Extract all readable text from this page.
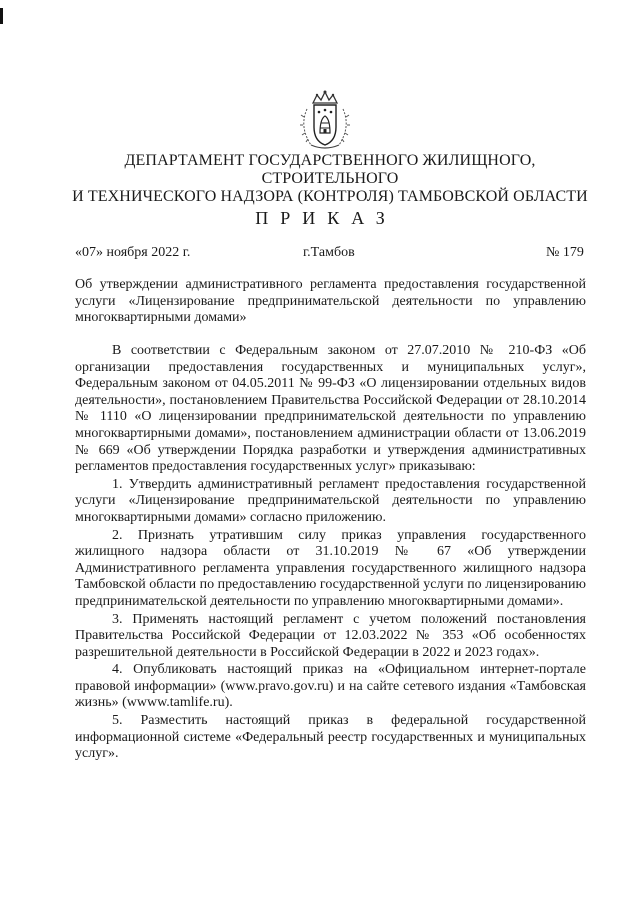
ДЕПАРТАМЕНТ ГОСУДАРСТВЕННОГО ЖИЛИЩНОГО, СТРОИТЕЛЬНОГО
И ТЕХНИЧЕСКОГО НАДЗОРА (КОНТРОЛЯ) ТАМБОВСКОЙ ОБЛАСТИ
ПРИКАЗ
«07» ноября 2022 г.	г.Тамбов	№ 179
Об утверждении административного регламента предоставления государственной услуги «Лицензирование предпринимательской деятельности по управлению многоквартирными домами»

В соответствии с Федеральным законом от 27.07.2010 № 210-ФЗ «Об организации предоставления государственных и муниципальных услуг», Федеральным законом от 04.05.2011 № 99-ФЗ «О лицензировании отдельных видов деятельности», постановлением Правительства Российской Федерации от 28.10.2014 № 1110 «О лицензировании предпринимательской деятельности по управлению многоквартирными домами», постановлением администрации области от 13.06.2019 № 669 «Об утверждении Порядка разработки и утверждения административных регламентов предоставления государственных услуг» приказываю:

1. Утвердить административный регламент предоставления государственной услуги «Лицензирование предпринимательской деятельности по управлению многоквартирными домами» согласно приложению.

2. Признать утратившим силу приказ управления государственного жилищного надзора области от 31.10.2019 № 67 «Об утверждении Административного регламента управления государственного жилищного надзора Тамбовской области по предоставлению государственной услуги по лицензированию предпринимательской деятельности по управлению многоквартирными домами».

3. Применять настоящий регламент с учетом положений постановления Правительства Российской Федерации от 12.03.2022 № 353 «Об особенностях разрешительной деятельности в Российской Федерации в 2022 и 2023 годах».

4. Опубликовать настоящий приказ на «Официальном интернет-портале правовой информации» (www.pravo.gov.ru) и на сайте сетевого издания «Тамбовская жизнь» (wwww.tamlife.ru).

5. Разместить настоящий приказ в федеральной государственной информационной системе «Федеральный реестр государственных и муниципальных услуг».
